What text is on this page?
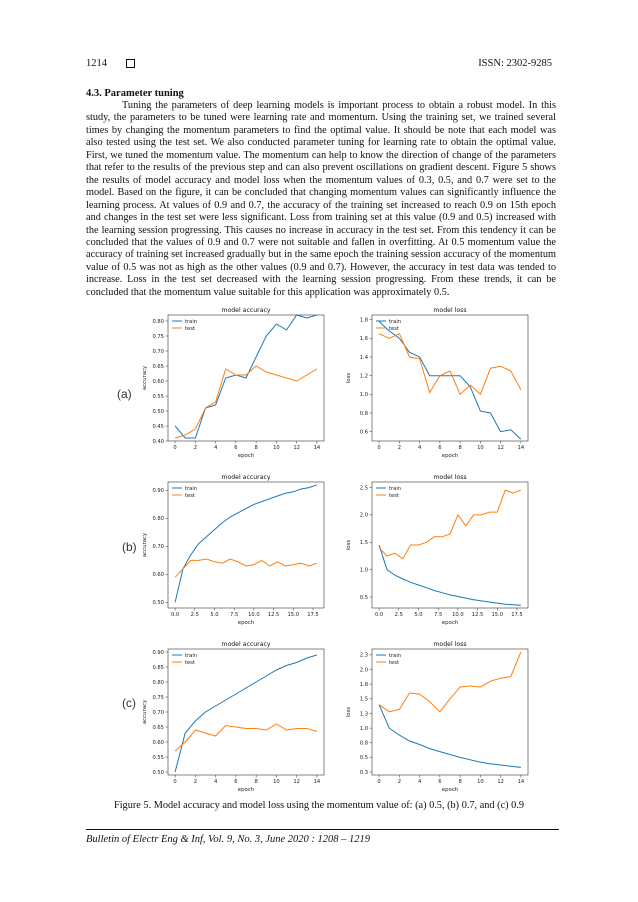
1214	ISSN: 2302-9285
4.3. Parameter tuning

Tuning the parameters of deep learning models is important process to obtain a robust model. In this study, the parameters to be tuned were learning rate and momentum. Using the training set, we trained several times by changing the momentum parameters to find the optimal value. It should be note that each model was also tested using the test set. We also conducted parameter tuning for learning rate to obtain the optimal value. First, we tuned the momentum value. The momentum can help to know the direction of change of the parameters that refer to the results of the previous step and can also prevent oscillations on gradient descent. Figure 5 shows the results of model accuracy and model loss when the momentum values of 0.3, 0.5, and 0.7 were set to the model. Based on the figure, it can be concluded that changing momentum values can significantly influence the learning process. At values of 0.9 and 0.7, the accuracy of the training set increased to reach 0.9 on 15th epoch and changes in the test set were less significant. Loss from training set at this value (0.9 and 0.5) increased with the learning session progressing. This causes no increase in accuracy in the test set. From this tendency it can be concluded that the values of 0.9 and 0.7 were not suitable and fallen in overfitting. At 0.5 momentum value the accuracy of training set increased gradually but in the same epoch the training session accuracy of the momentum value of 0.5 was not as high as the other values (0.9 and 0.7). However, the accuracy in test data was tended to increase. Loss in the test set decreased with the learning session progressing. From these trends, it can be concluded that the momentum value suitable for this application was approximately 0.5.

model accuracy
0	2	4	6	8	10	12	14
0.40
0.45
0.50
0.55
0.60
0.65
0.70
0.75
0.80
epoch
accuracy
train
test
model loss
0	2	4	6	8	10	12	14
0.6
0.8
1.0
1.2
1.4
1.6
1.8
epoch
loss
train
test
model accuracy
0.0 2.5 5.0 7.5 10.0 12.5 15.0 17.5
0.50
0.60
0.70
0.80
0.90
epoch
accuracy
train
test
model loss
0.0 2.5 5.0 7.5 10.0 12.5 15.0 17.5
0.5
1.0
1.5
2.0
2.5
epoch
loss
train
test
model accuracy
0	2	4	6	8	10	12	14
0.50
0.55
0.60
0.65
0.70
0.75
0.80
0.85
0.90
epoch
accuracy
train
test
model loss
0	2	4	6	8	10	12	14
0.3
0.5
0.8
1.0
1.3
1.5
1.8
2.0
2.3
epoch
loss
train
test
(a)
(b)
(c)
Figure 5. Model accuracy and model loss using the momentum value of: (a) 0.5, (b) 0.7, and (c) 0.9
Bulletin of Electr Eng & Inf, Vol. 9, No. 3, June 2020 : 1208 – 1219
